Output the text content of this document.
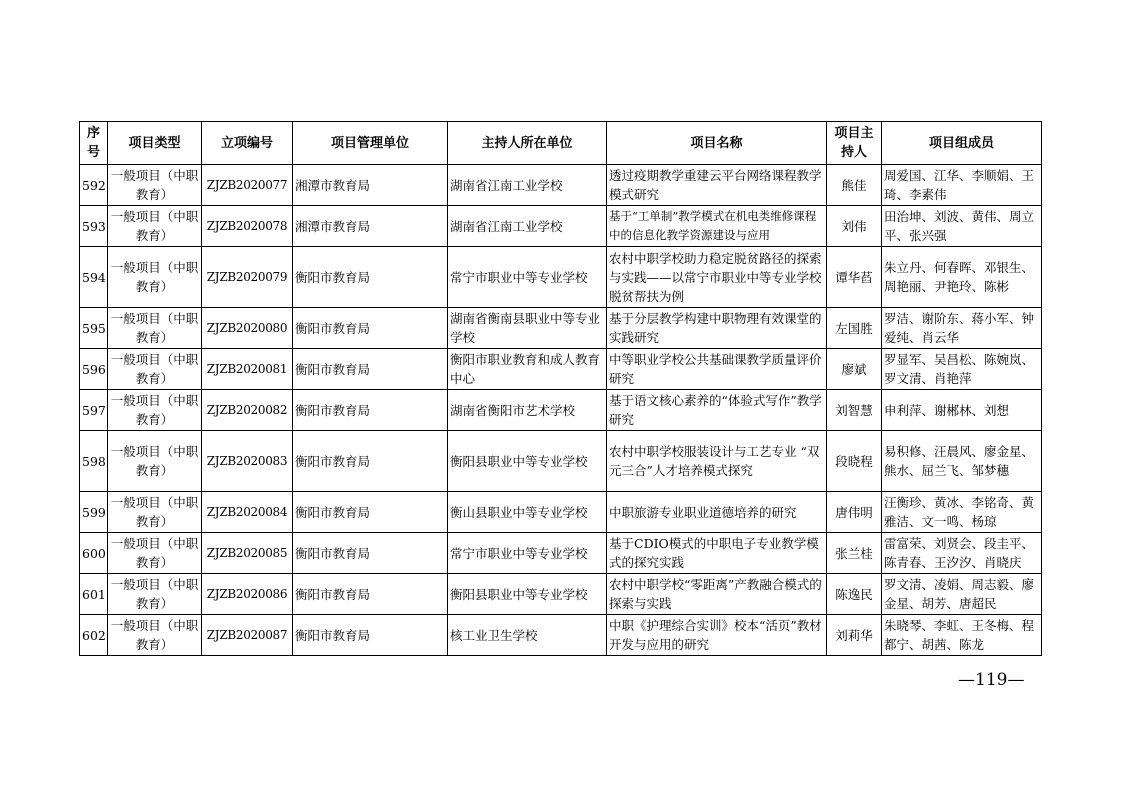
序号	项目类型	立项编号	项目管理单位	主持人所在单位	项目名称	项目主持人	项目组成员
592	一般项目（中职教育）	ZJZB2020077	湘潭市教育局	湖南省江南工业学校	透过疫期教学重建云平台网络课程教学模式研究	熊佳	周爱国、江华、李顺娟、王琦、李素伟
593	一般项目（中职教育）	ZJZB2020078	湘潭市教育局	湖南省江南工业学校	基于“工单制”教学模式在机电类维修课程中的信息化教学资源建设与应用	刘伟	田治坤、刘波、黄伟、周立平、张兴强
594	一般项目（中职教育）	ZJZB2020079	衡阳市教育局	常宁市职业中等专业学校	农村中职学校助力稳定脱贫路径的探索与实践——以常宁市职业中等专业学校脱贫帮扶为例	谭华萏	朱立丹、何春晖、邓银生、周艳丽、尹艳玲、陈彬
595	一般项目（中职教育）	ZJZB2020080	衡阳市教育局	湖南省衡南县职业中等专业学校	基于分层教学构建中职物理有效课堂的实践研究	左国胜	罗洁、谢阶东、蒋小军、钟爱纯、肖云华
596	一般项目（中职教育）	ZJZB2020081	衡阳市教育局	衡阳市职业教育和成人教育中心	中等职业学校公共基础课教学质量评价研究	廖斌	罗显军、吴昌松、陈婉岚、罗文清、肖艳萍
597	一般项目（中职教育）	ZJZB2020082	衡阳市教育局	湖南省衡阳市艺术学校	基于语文核心素养的“体验式写作”教学研究	刘智慧	申利萍、谢郴林、刘想
598	一般项目（中职教育）	ZJZB2020083	衡阳市教育局	衡阳县职业中等专业学校	农村中职学校服装设计与工艺专业 “双元三合”人才培养模式探究	段晓程	易积修、汪晨风、廖金星、熊水、屈兰飞、邹梦穗
599	一般项目（中职教育）	ZJZB2020084	衡阳市教育局	衡山县职业中等专业学校	中职旅游专业职业道德培养的研究	唐伟明	汪衡珍、黄冰、李铭奇、黄雅洁、文一鸣、杨琼
600	一般项目（中职教育）	ZJZB2020085	衡阳市教育局	常宁市职业中等专业学校	基于CDIO模式的中职电子专业教学模式的探究实践	张兰桂	雷富荣、刘贤会、段圭平、陈青春、王汐汐、肖晓庆
601	一般项目（中职教育）	ZJZB2020086	衡阳市教育局	衡阳县职业中等专业学校	农村中职学校“零距离”产教融合模式的探索与实践	陈逸民	罗文清、凌娟、周志毅、廖金星、胡芳、唐超民
602	一般项目（中职教育）	ZJZB2020087	衡阳市教育局	核工业卫生学校	中职《护理综合实训》校本“活页”教材开发与应用的研究	刘莉华	朱晓琴、李虹、王冬梅、程都宁、胡茜、陈龙
—119—
